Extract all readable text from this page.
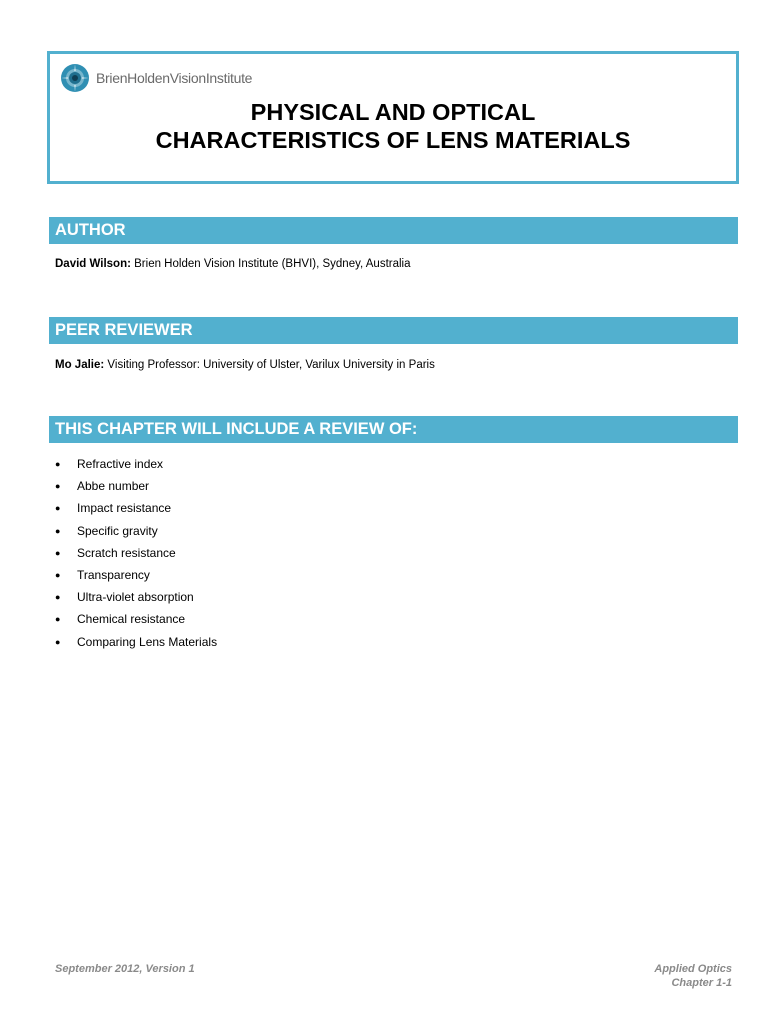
BrienHoldenVisionInstitute
PHYSICAL AND OPTICAL
CHARACTERISTICS OF LENS MATERIALS
AUTHOR
David Wilson: Brien Holden Vision Institute (BHVI), Sydney, Australia
PEER REVIEWER
Mo Jalie: Visiting Professor: University of Ulster, Varilux University in Paris
THIS CHAPTER WILL INCLUDE A REVIEW OF:
●	Refractive index
●	Abbe number
●	Impact resistance
●	Specific gravity
●	Scratch resistance
●	Transparency
●	Ultra-violet absorption
●	Chemical resistance
●	Comparing Lens Materials
September 2012, Version 1	Applied Optics
Chapter 1-1
